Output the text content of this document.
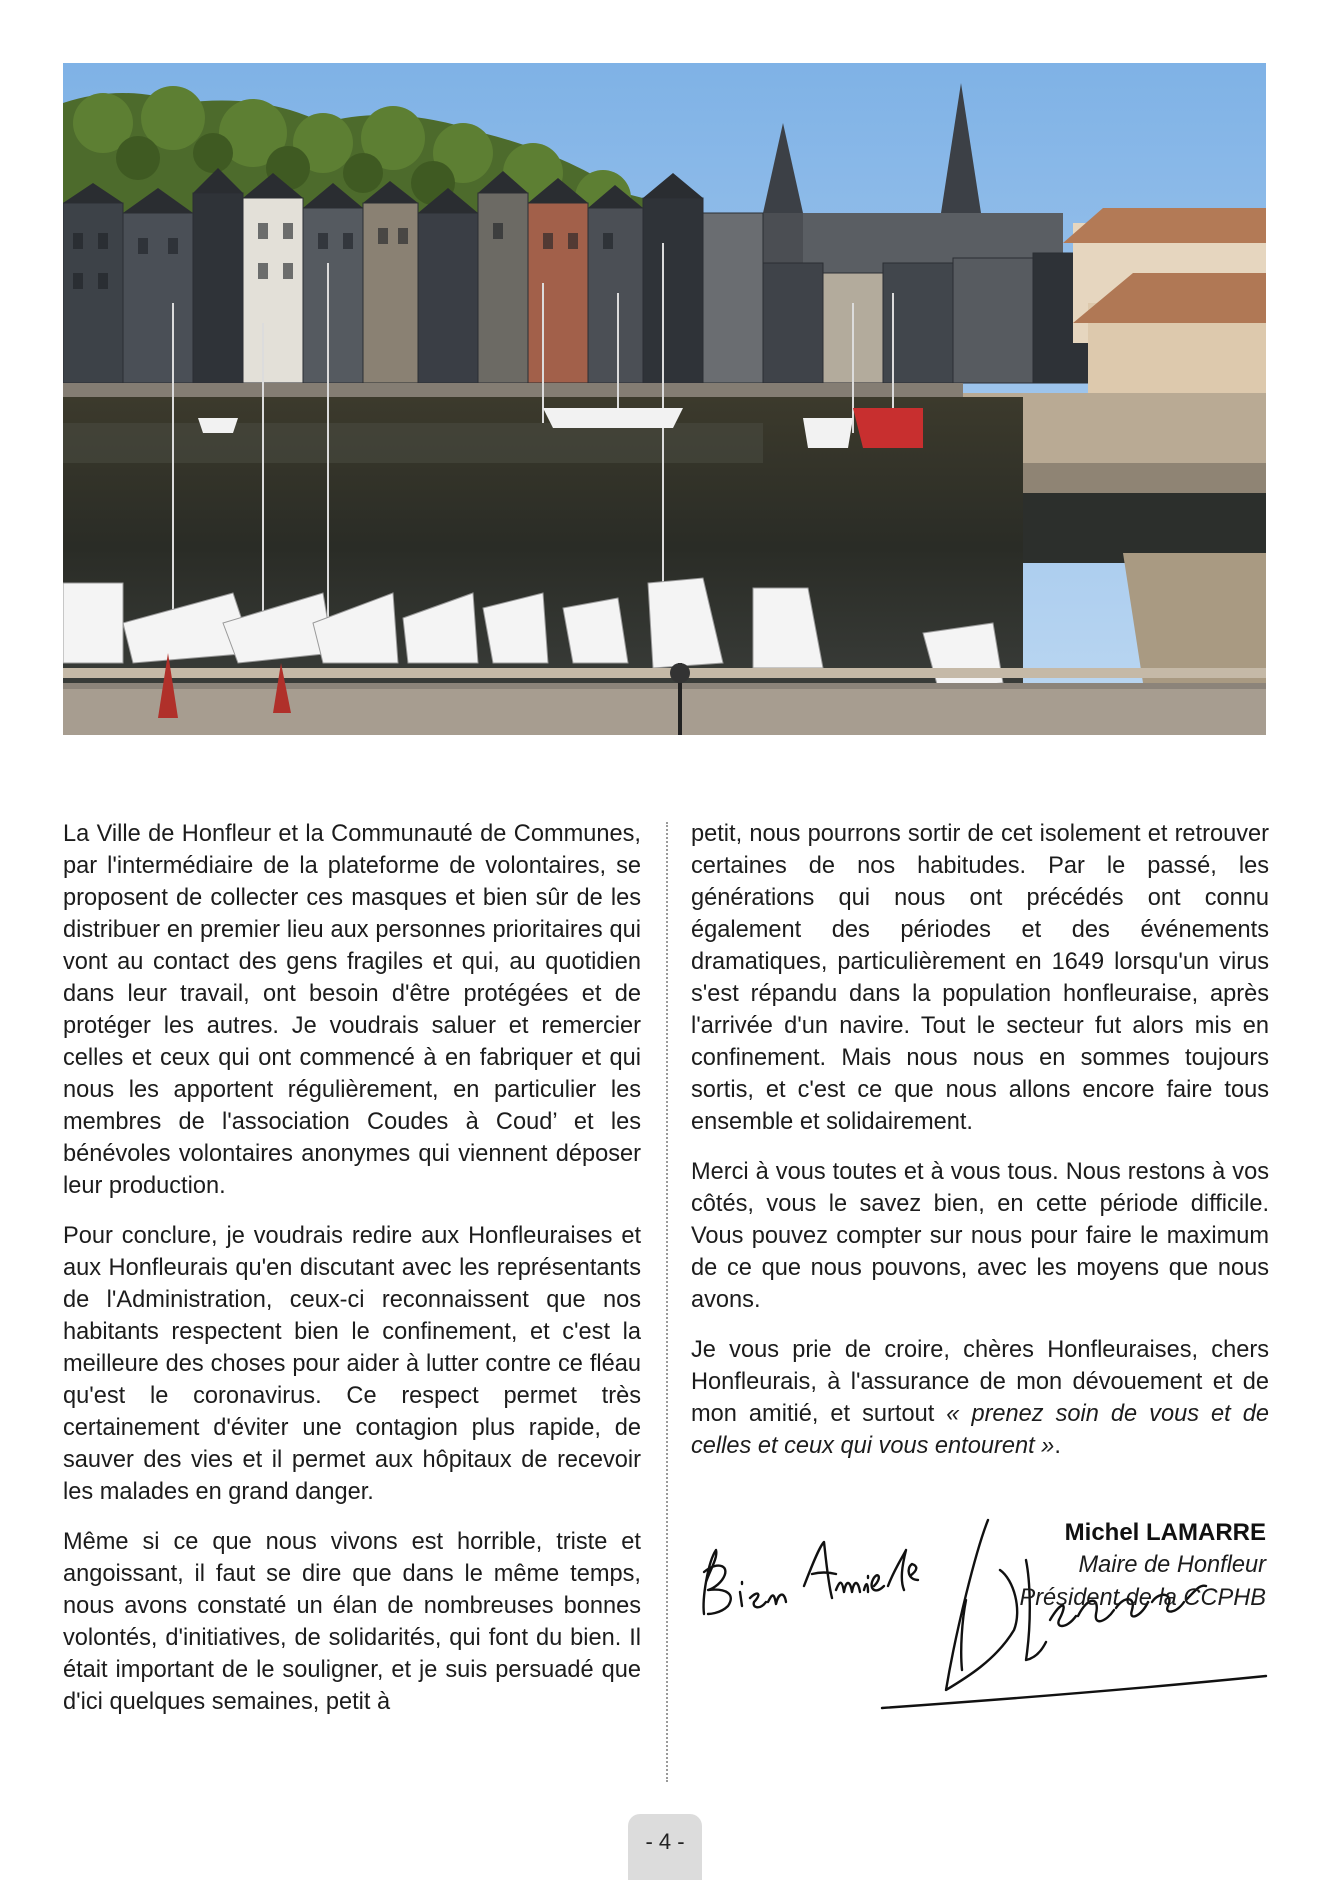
La Ville de Honfleur et la Communauté de Communes, par l'intermédiaire de la plateforme de volontaires, se proposent de collecter ces masques et bien sûr de les distribuer en premier lieu aux personnes prioritaires qui vont au contact des gens fragiles et qui, au quotidien dans leur travail, ont besoin d'être protégées et de protéger les autres. Je voudrais saluer et remercier celles et ceux qui ont commencé à en fabriquer et qui nous les apportent régulièrement, en particulier les membres de l'association Coudes à Coud’ et les bénévoles volontaires anonymes qui viennent déposer leur production.

Pour conclure, je voudrais redire aux Honfleuraises et aux Honfleurais qu'en discutant avec les représentants de l'Administration, ceux-ci reconnaissent que nos habitants respectent bien le confinement, et c'est la meilleure des choses pour aider à lutter contre ce fléau qu'est le coronavirus. Ce respect permet très certainement d'éviter une contagion plus rapide, de sauver des vies et il permet aux hôpitaux de recevoir les malades en grand danger.

Même si ce que nous vivons est horrible, triste et angoissant, il faut se dire que dans le même temps, nous avons constaté un élan de nombreuses bonnes volontés, d'initiatives, de solidarités, qui font du bien. Il était important de le souligner, et je suis persuadé que d'ici quelques semaines, petit à

petit, nous pourrons sortir de cet isolement et retrouver certaines de nos habitudes. Par le passé, les générations qui nous ont précédés ont connu également des périodes et des événements dramatiques, particulièrement en 1649 lorsqu'un virus s'est répandu dans la population honfleuraise, après l'arrivée d'un navire. Tout le secteur fut alors mis en confinement. Mais nous nous en sommes toujours sortis, et c'est ce que nous allons encore faire tous ensemble et solidairement.

Merci à vous toutes et à vous tous. Nous restons à vos côtés, vous le savez bien, en cette période difficile. Vous pouvez compter sur nous pour faire le maximum de ce que nous pouvons, avec les moyens que nous avons.

Je vous prie de croire, chères Honfleuraises, chers Honfleurais, à l'assurance de mon dévouement et de mon amitié, et surtout « prenez soin de vous et de celles et ceux qui vous entourent ».

Michel LAMARRE
Maire de Honfleur
Président de la CCPHB
- 4 -
